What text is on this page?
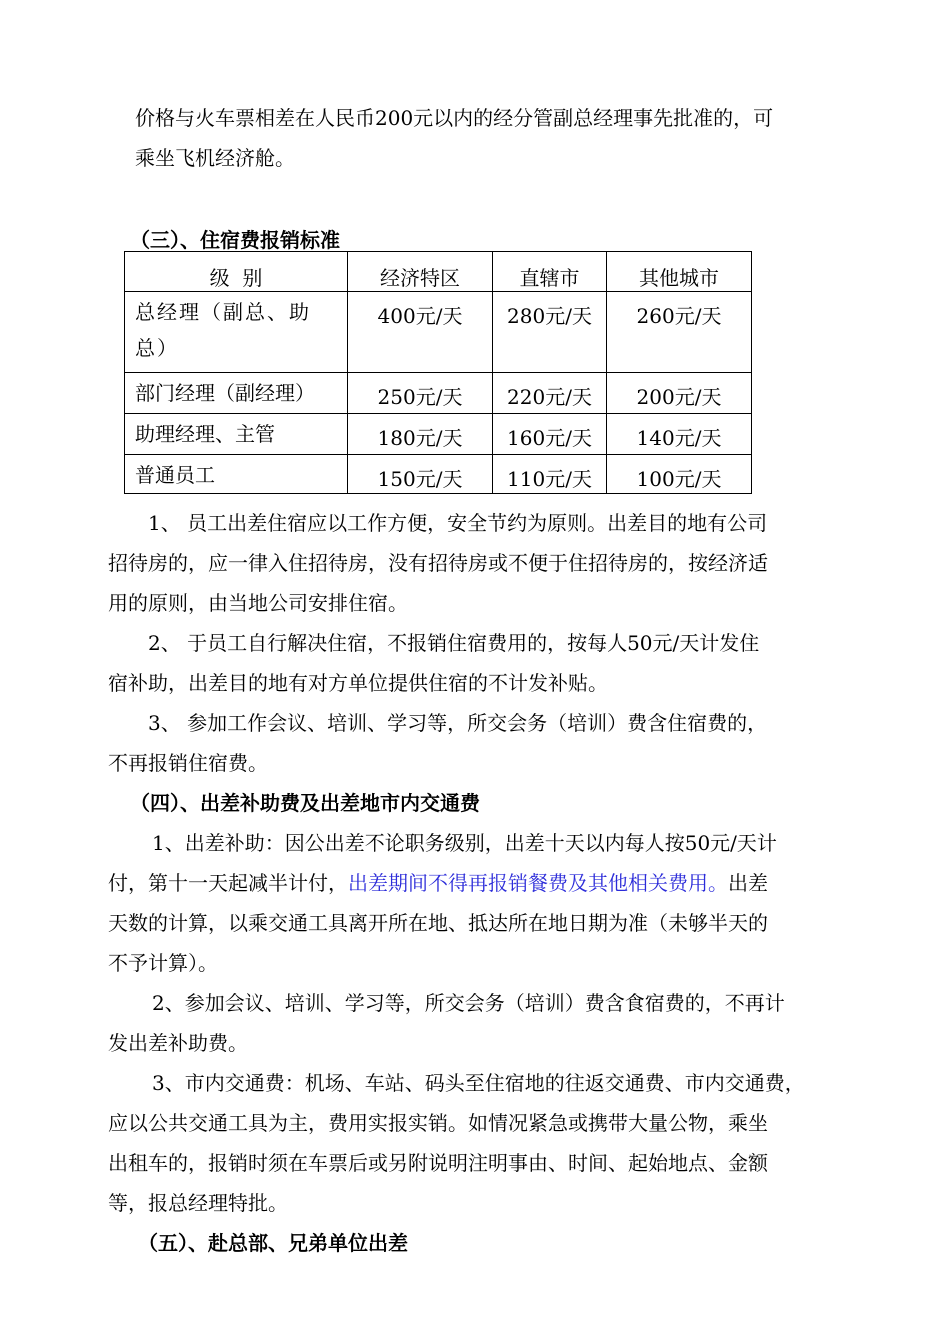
价格与火车票相差在人民币200元以内的经分管副总经理事先批准的，可
乘坐飞机经济舱。
（三）、住宿费报销标准
级  别	经济特区	直辖市	其他城市

总经理（副总、助
总）	400元/天	280元/天	260元/天
部门经理（副经理）	250元/天	220元/天	200元/天
助理经理、主管	180元/天	160元/天	140元/天
普通员工	150元/天	110元/天	100元/天
1、 员工出差住宿应以工作方便，安全节约为原则。出差目的地有公司
招待房的，应一律入住招待房，没有招待房或不便于住招待房的，按经济适
用的原则，由当地公司安排住宿。
2、 于员工自行解决住宿，不报销住宿费用的，按每人50元/天计发住
宿补助，出差目的地有对方单位提供住宿的不计发补贴。
3、 参加工作会议、培训、学习等，所交会务（培训）费含住宿费的，
不再报销住宿费。
（四）、出差补助费及出差地市内交通费
1、出差补助：因公出差不论职务级别，出差十天以内每人按50元/天计
付，第十一天起减半计付，出差期间不得再报销餐费及其他相关费用。出差
天数的计算，以乘交通工具离开所在地、抵达所在地日期为准（未够半天的
不予计算）。
2、参加会议、培训、学习等，所交会务（培训）费含食宿费的，不再计
发出差补助费。
3、市内交通费：机场、车站、码头至住宿地的往返交通费、市内交通费，
应以公共交通工具为主，费用实报实销。如情况紧急或携带大量公物，乘坐
出租车的，报销时须在车票后或另附说明注明事由、时间、起始地点、金额
等，报总经理特批。
（五）、赴总部、兄弟单位出差
